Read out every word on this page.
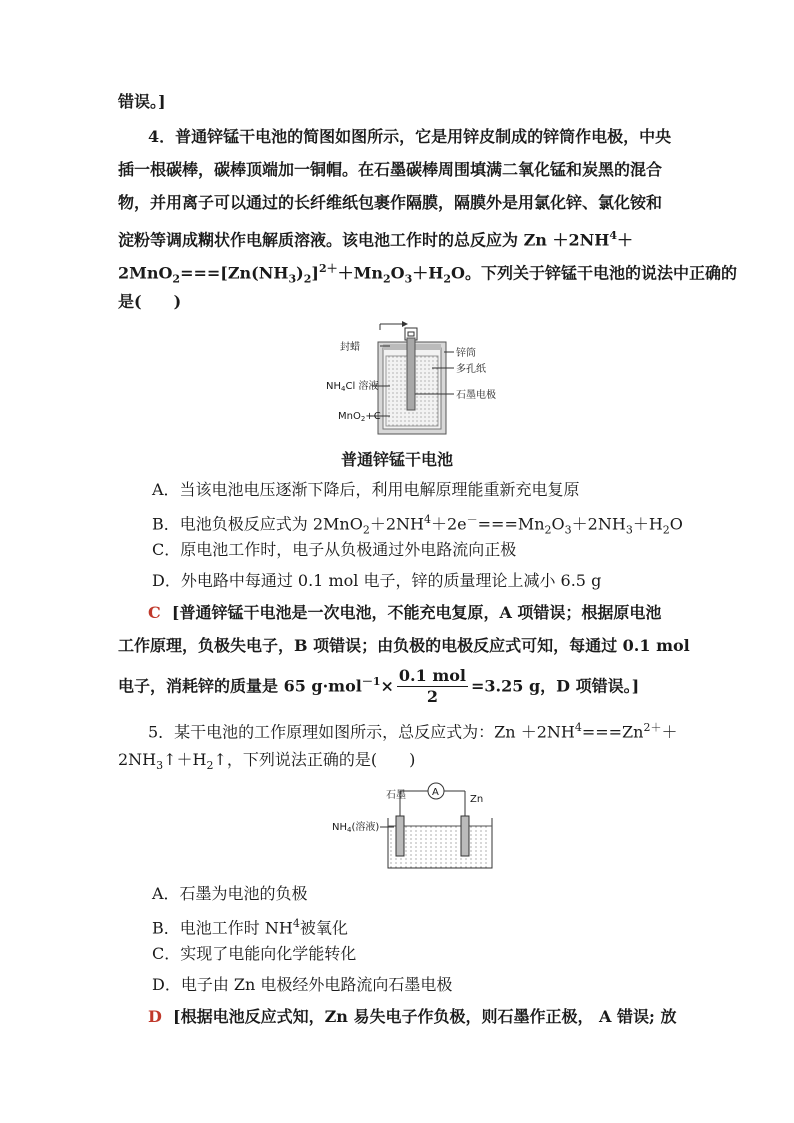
错误。]
4．普通锌锰干电池的简图如图所示，它是用锌皮制成的锌筒作电极，中央
插一根碳棒，碳棒顶端加一铜帽。在石墨碳棒周围填满二氧化锰和炭黑的混合
物，并用离子可以通过的长纤维纸包裹作隔膜，隔膜外是用氯化锌、氯化铵和
淀粉等调成糊状作电解质溶液。该电池工作时的总反应为 $Zn +2NH^4+$
$2MnO_2===[Zn(NH_3)_2]^{2+}+Mn_2O_3+H_2O$。下列关于锌锰干电池的说法中正确的
是(　　)
封蜡
$NH_4Cl$ 溶液
MnO$_2$+C
锌筒
多孔纸
石墨电极
普通锌锰干电池
A．当该电池电压逐渐下降后，利用电解原理能重新充电复原
B．电池负极反应式为 $2MnO_2+2NH^4+2e^-===Mn_2O_3+2NH_3+H_2O$
C．原电池工作时，电子从负极通过外电路流向正极
D．外电路中每通过 0.1 mol 电子，锌的质量理论上减小 6.5 g
C [普通锌锰干电池是一次电池，不能充电复原，A 项错误；根据原电池
工作原理，负极失电子，B 项错误；由负极的电极反应式可知，每通过 0.1 mol
电子，消耗锌的质量是 65 $g\cdot mol^{-1}\times \frac{\text{0.1 mol}}{2} =3.25$ g，D 项错误。]
5．某干电池的工作原理如图所示，总反应式为：$Zn +2NH^4===Zn^{2+}+$
$2NH_3↑+H_2↑$，下列说法正确的是(　　)
A
石墨	Zn
$NH_4$(溶液)
A．石墨为电池的负极
B．电池工作时 $NH^4$被氧化
C．实现了电能向化学能转化
D．电子由 Zn 电极经外电路流向石墨电极
D [根据电池反应式知，Zn 易失电子作负极，则石墨作正极， A 错误; 放
